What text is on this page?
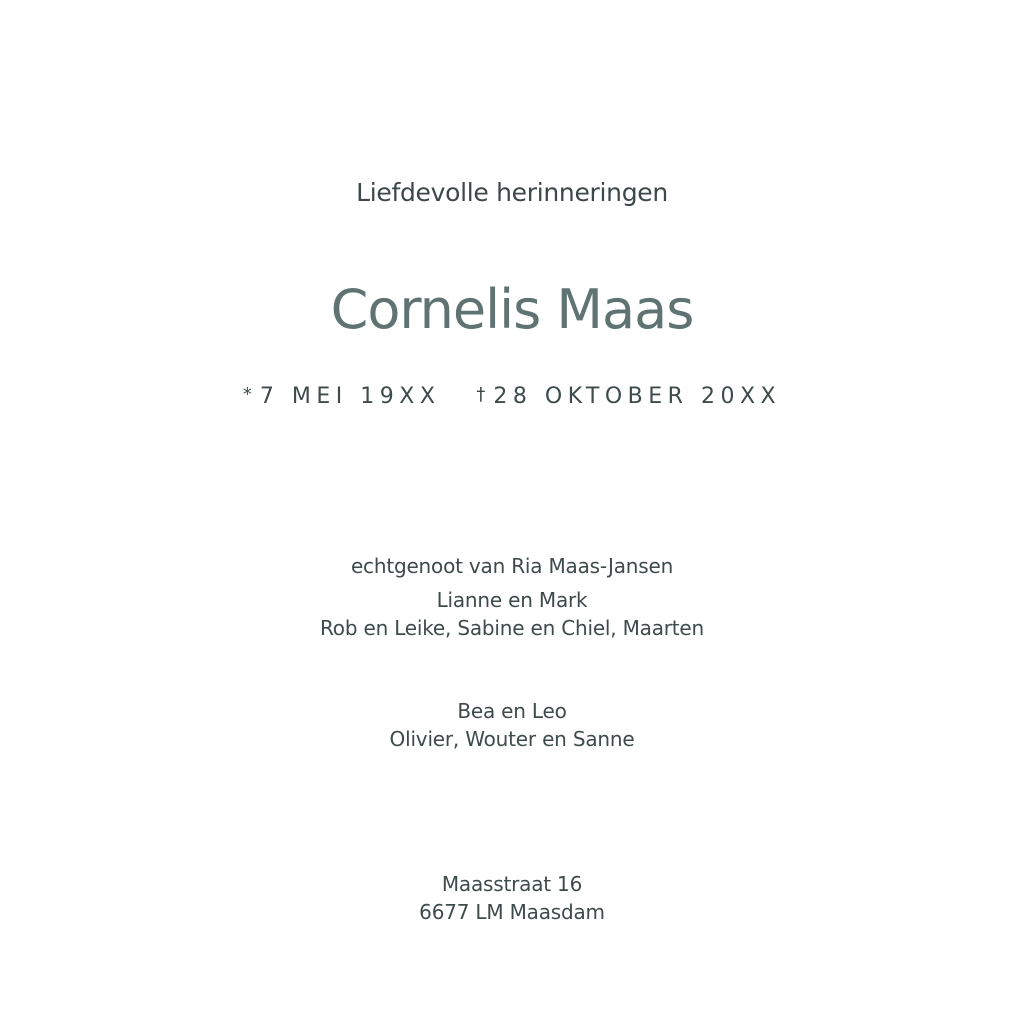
Liefdevolle herinneringen
Cornelis Maas
* 7 MEI 19XX † 28 OKTOBER 20XX
echtgenoot van Ria Maas-Jansen
Lianne en Mark
Rob en Leike, Sabine en Chiel, Maarten
Bea en Leo
Olivier, Wouter en Sanne
Maasstraat 16
6677 LM Maasdam
